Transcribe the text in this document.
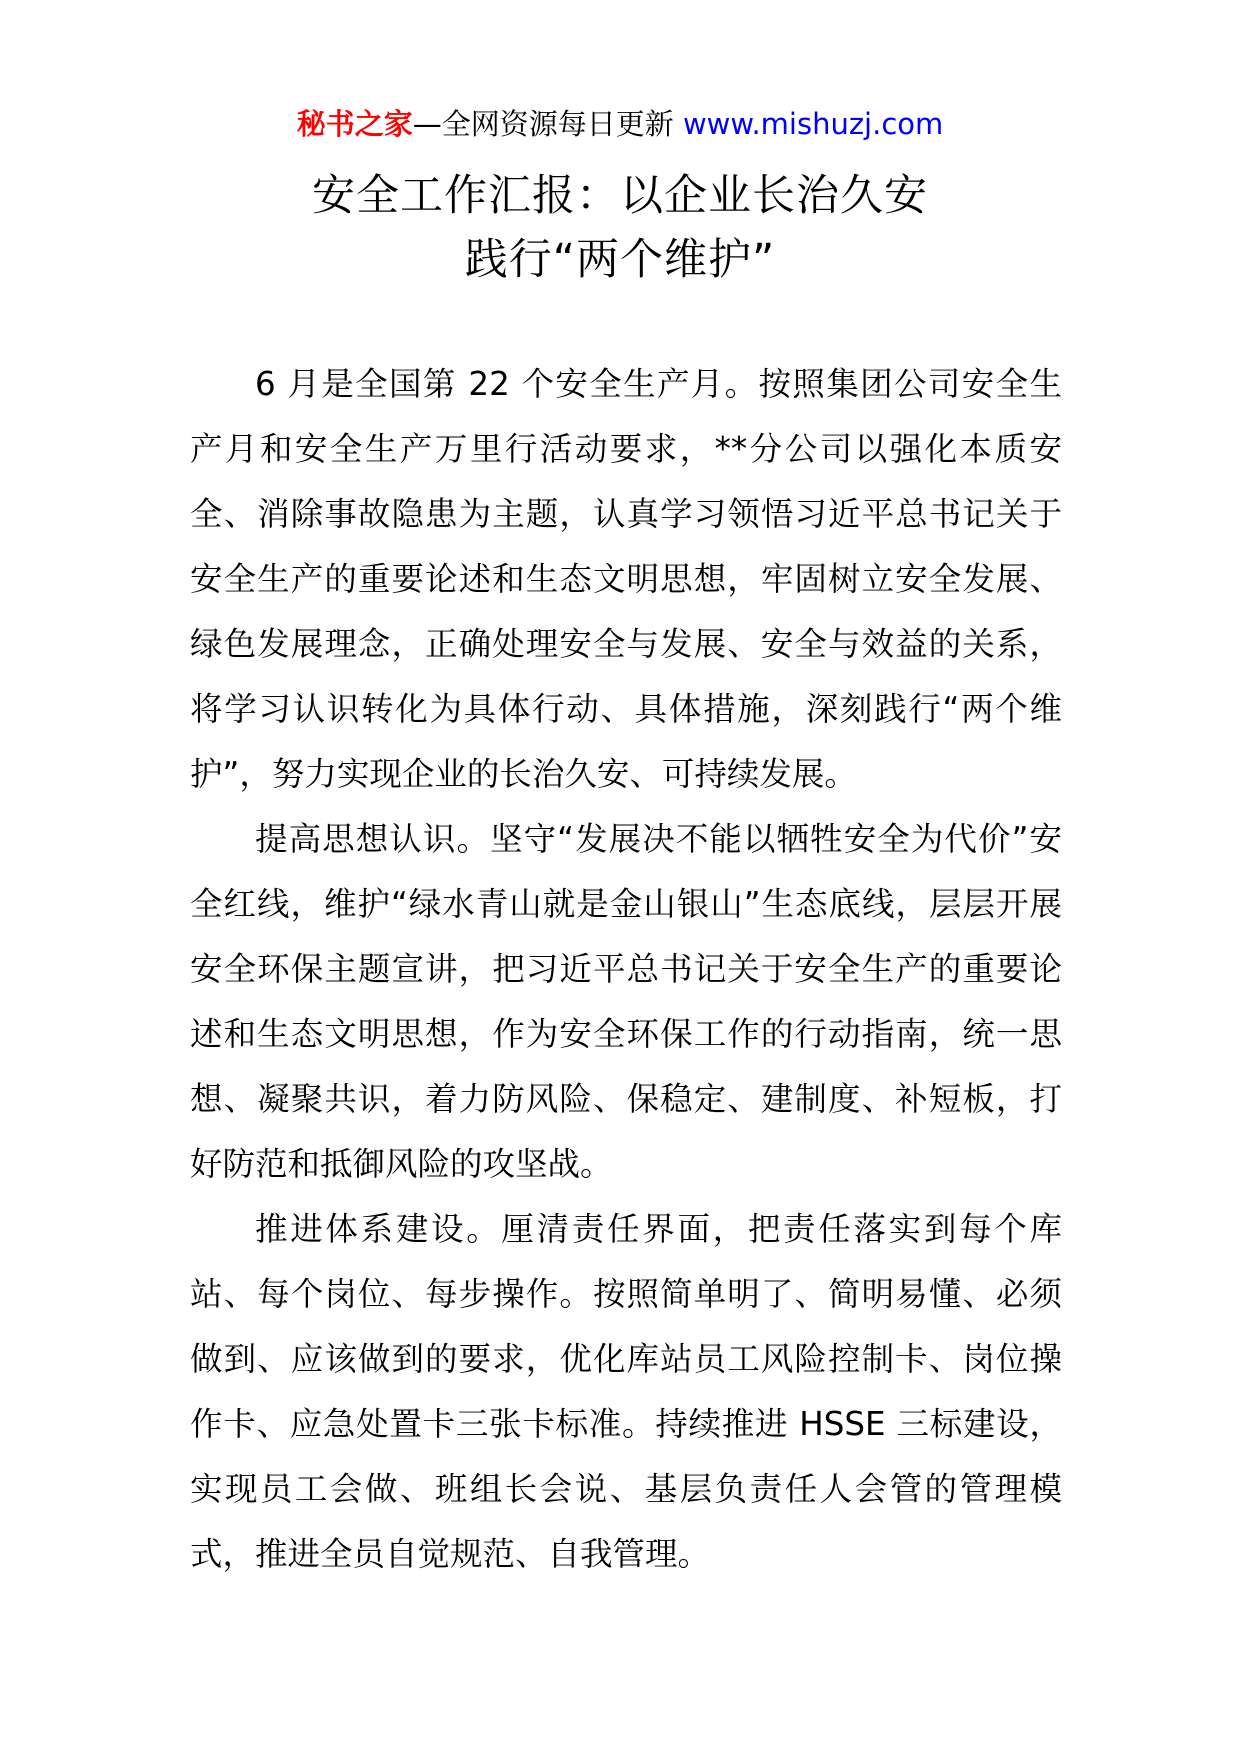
秘书之家—全网资源每日更新 www.mishuzj.com
安全工作汇报：以企业长治久安
践行“两个维护”

6 月是全国第 22 个安全生产月。按照集团公司安全生产月和安全生产万里行活动要求，**分公司以强化本质安全、消除事故隐患为主题，认真学习领悟习近平总书记关于安全生产的重要论述和生态文明思想，牢固树立安全发展、绿色发展理念，正确处理安全与发展、安全与效益的关系，将学习认识转化为具体行动、具体措施，深刻践行“两个维护”，努力实现企业的长治久安、可持续发展。

提高思想认识。坚守“发展决不能以牺牲安全为代价”安全红线，维护“绿水青山就是金山银山”生态底线，层层开展安全环保主题宣讲，把习近平总书记关于安全生产的重要论述和生态文明思想，作为安全环保工作的行动指南，统一思想、凝聚共识，着力防风险、保稳定、建制度、补短板，打好防范和抵御风险的攻坚战。

推进体系建设。厘清责任界面，把责任落实到每个库站、每个岗位、每步操作。按照简单明了、简明易懂、必须做到、应该做到的要求，优化库站员工风险控制卡、岗位操作卡、应急处置卡三张卡标准。持续推进 HSSE 三标建设，实现员工会做、班组长会说、基层负责任人会管的管理模式，推进全员自觉规范、自我管理。
